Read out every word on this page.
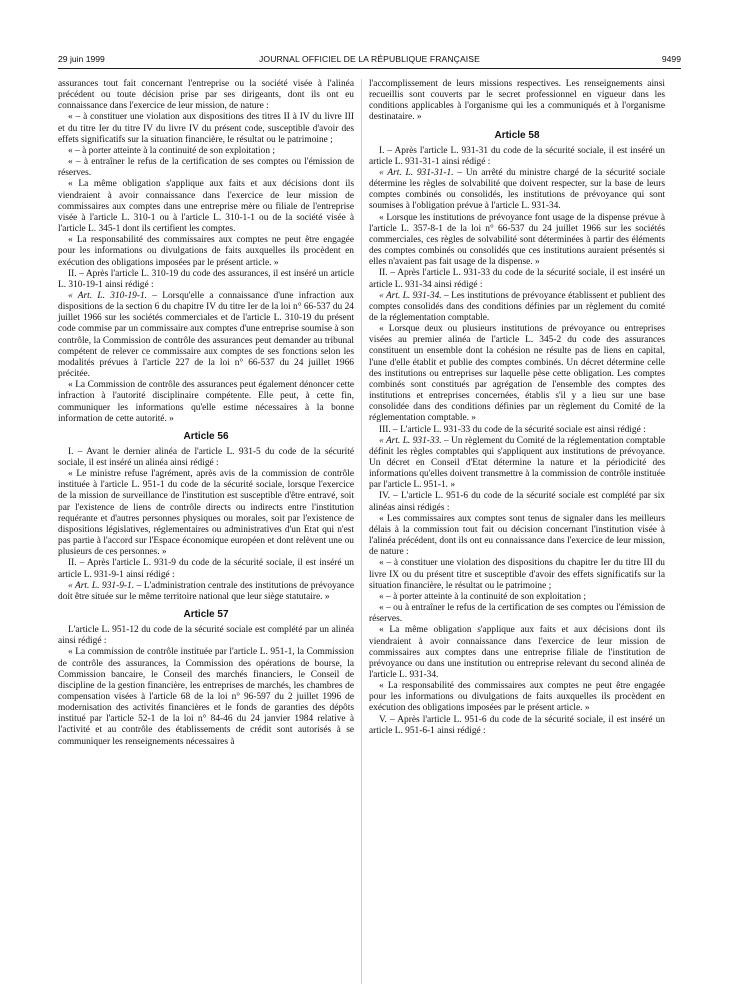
29 juin 1999	JOURNAL OFFICIEL DE LA RÉPUBLIQUE FRANÇAISE	9499

assurances tout fait concernant l'entreprise ou la société visée à l'alinéa précédent ou toute décision prise par ses dirigeants, dont ils ont eu connaissance dans l'exercice de leur mission, de nature :

« – à constituer une violation aux dispositions des titres II à IV du livre III et du titre Ier du titre IV du livre IV du présent code, susceptible d'avoir des effets significatifs sur la situation financière, le résultat ou le patrimoine ;

« – à porter atteinte à la continuité de son exploitation ;

« – à entraîner le refus de la certification de ses comptes ou l'émission de réserves.

« La même obligation s'applique aux faits et aux décisions dont ils viendraient à avoir connaissance dans l'exercice de leur mission de commissaires aux comptes dans une entreprise mère ou filiale de l'entreprise visée à l'article L. 310-1 ou à l'article L. 310-1-1 ou de la société visée à l'article L. 345-1 dont ils certifient les comptes.

« La responsabilité des commissaires aux comptes ne peut être engagée pour les informations ou divulgations de faits auxquelles ils procèdent en exécution des obligations imposées par le présent article. »

II. – Après l'article L. 310-19 du code des assurances, il est inséré un article L. 310-19-1 ainsi rédigé :

« Art. L. 310-19-1. – Lorsqu'elle a connaissance d'une infraction aux dispositions de la section 6 du chapitre IV du titre Ier de la loi n° 66-537 du 24 juillet 1966 sur les sociétés commerciales et de l'article L. 310-19 du présent code commise par un commissaire aux comptes d'une entreprise soumise à son contrôle, la Commission de contrôle des assurances peut demander au tribunal compétent de relever ce commissaire aux comptes de ses fonctions selon les modalités prévues à l'article 227 de la loi n° 66-537 du 24 juillet 1966 précitée.

« La Commission de contrôle des assurances peut également dénoncer cette infraction à l'autorité disciplinaire compétente. Elle peut, à cette fin, communiquer les informations qu'elle estime nécessaires à la bonne information de cette autorité. »

Article 56

I. – Avant le dernier alinéa de l'article L. 931-5 du code de la sécurité sociale, il est inséré un alinéa ainsi rédigé :

« Le ministre refuse l'agrément, après avis de la commission de contrôle instituée à l'article L. 951-1 du code de la sécurité sociale, lorsque l'exercice de la mission de surveillance de l'institution est susceptible d'être entravé, soit par l'existence de liens de contrôle directs ou indirects entre l'institution requérante et d'autres personnes physiques ou morales, soit par l'existence de dispositions législatives, réglementaires ou administratives d'un Etat qui n'est pas partie à l'accord sur l'Espace économique européen et dont relèvent une ou plusieurs de ces personnes. »

II. – Après l'article L. 931-9 du code de la sécurité sociale, il est inséré un article L. 931-9-1 ainsi rédigé :

« Art. L. 931-9-1. – L'administration centrale des institutions de prévoyance doit être située sur le même territoire national que leur siège statutaire. »

Article 57

L'article L. 951-12 du code de la sécurité sociale est complété par un alinéa ainsi rédigé :

« La commission de contrôle instituée par l'article L. 951-1, la Commission de contrôle des assurances, la Commission des opérations de bourse, la Commission bancaire, le Conseil des marchés financiers, le Conseil de discipline de la gestion financière, les entreprises de marchés, les chambres de compensation visées à l'article 68 de la loi n° 96-597 du 2 juillet 1996 de modernisation des activités financières et le fonds de garanties des dépôts institué par l'article 52-1 de la loi n° 84-46 du 24 janvier 1984 relative à l'activité et au contrôle des établissements de crédit sont autorisés à se communiquer les renseignements nécessaires à

l'accomplissement de leurs missions respectives. Les renseignements ainsi recueillis sont couverts par le secret professionnel en vigueur dans les conditions applicables à l'organisme qui les a communiqués et à l'organisme destinataire. »

Article 58

I. – Après l'article L. 931-31 du code de la sécurité sociale, il est inséré un article L. 931-31-1 ainsi rédigé :

« Art. L. 931-31-1. – Un arrêté du ministre chargé de la sécurité sociale détermine les règles de solvabilité que doivent respecter, sur la base de leurs comptes combinés ou consolidés, les institutions de prévoyance qui sont soumises à l'obligation prévue à l'article L. 931-34.

« Lorsque les institutions de prévoyance font usage de la dispense prévue à l'article L. 357-8-1 de la loi n° 66-537 du 24 juillet 1966 sur les sociétés commerciales, ces règles de solvabilité sont déterminées à partir des éléments des comptes combinés ou consolidés que ces institutions auraient présentés si elles n'avaient pas fait usage de la dispense. »

II. – Après l'article L. 931-33 du code de la sécurité sociale, il est inséré un article L. 931-34 ainsi rédigé :

« Art. L. 931-34. – Les institutions de prévoyance établissent et publient des comptes consolidés dans des conditions définies par un règlement du comité de la réglementation comptable.

« Lorsque deux ou plusieurs institutions de prévoyance ou entreprises visées au premier alinéa de l'article L. 345-2 du code des assurances constituent un ensemble dont la cohésion ne résulte pas de liens en capital, l'une d'elle établit et publie des comptes combinés. Un décret détermine celle des institutions ou entreprises sur laquelle pèse cette obligation. Les comptes combinés sont constitués par agrégation de l'ensemble des comptes des institutions et entreprises concernées, établis s'il y a lieu sur une base consolidée dans des conditions définies par un règlement du Comité de la réglementation comptable. »

III. – L'article L. 931-33 du code de la sécurité sociale est ainsi rédigé :

« Art. L. 931-33. – Un règlement du Comité de la réglementation comptable définit les règles comptables qui s'appliquent aux institutions de prévoyance. Un décret en Conseil d'Etat détermine la nature et la périodicité des informations qu'elles doivent transmettre à la commission de contrôle instituée par l'article L. 951-1. »

IV. – L'article L. 951-6 du code de la sécurité sociale est complété par six alinéas ainsi rédigés :

« Les commissaires aux comptes sont tenus de signaler dans les meilleurs délais à la commission tout fait ou décision concernant l'institution visée à l'alinéa précédent, dont ils ont eu connaissance dans l'exercice de leur mission, de nature :

« – à constituer une violation des dispositions du chapitre Ier du titre III du livre IX ou du présent titre et susceptible d'avoir des effets significatifs sur la situation financière, le résultat ou le patrimoine ;

« – à porter atteinte à la continuité de son exploitation ;

« – ou à entraîner le refus de la certification de ses comptes ou l'émission de réserves.

« La même obligation s'applique aux faits et aux décisions dont ils viendraient à avoir connaissance dans l'exercice de leur mission de commissaires aux comptes dans une entreprise filiale de l'institution de prévoyance ou dans une institution ou entreprise relevant du second alinéa de l'article L. 931-34.

« La responsabilité des commissaires aux comptes ne peut être engagée pour les informations ou divulgations de faits auxquelles ils procèdent en exécution des obligations imposées par le présent article. »

V. – Après l'article L. 951-6 du code de la sécurité sociale, il est inséré un article L. 951-6-1 ainsi rédigé :
